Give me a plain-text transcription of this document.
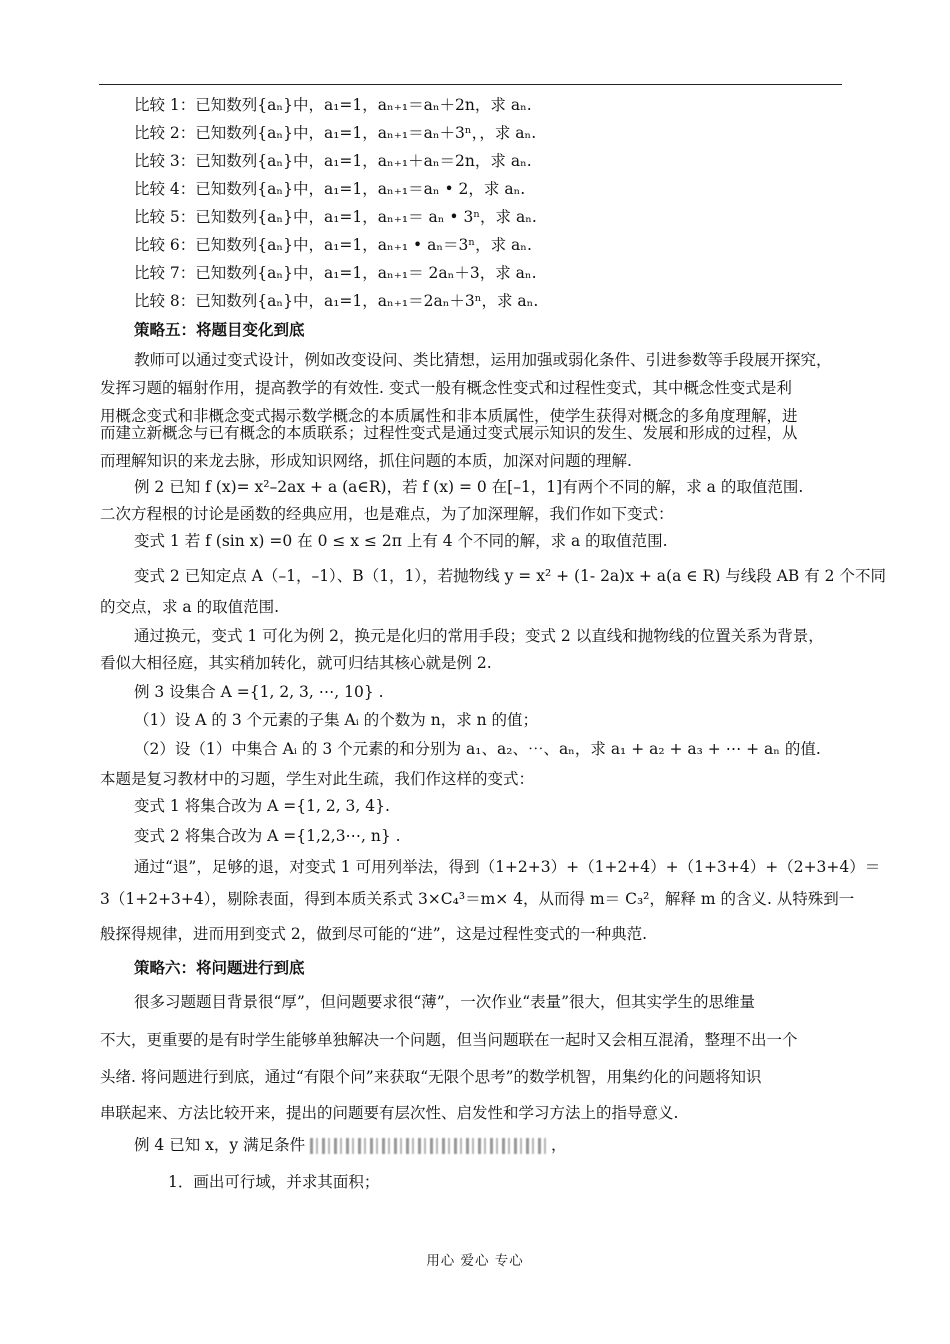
比较 1：已知数列{aₙ}中，a₁=1，aₙ₊₁＝aₙ＋2n，求 aₙ.
比较 2：已知数列{aₙ}中，a₁=1，aₙ₊₁＝aₙ＋3ⁿ，，求 aₙ.
比较 3：已知数列{aₙ}中，a₁=1，aₙ₊₁＋aₙ＝2n，求 aₙ.
比较 4：已知数列{aₙ}中，a₁=1，aₙ₊₁＝aₙ • 2，求 aₙ.
比较 5：已知数列{aₙ}中，a₁=1，aₙ₊₁＝ aₙ • 3ⁿ，求 aₙ.
比较 6：已知数列{aₙ}中，a₁=1，aₙ₊₁ • aₙ＝3ⁿ，求 aₙ.
比较 7：已知数列{aₙ}中，a₁=1，aₙ₊₁＝ 2aₙ＋3，求 aₙ.
比较 8：已知数列{aₙ}中，a₁=1，aₙ₊₁＝2aₙ＋3ⁿ，求 aₙ.
策略五：将题目变化到底
教师可以通过变式设计，例如改变设问、类比猜想，运用加强或弱化条件、引进参数等手段展开探究，
发挥习题的辐射作用，提高教学的有效性. 变式一般有概念性变式和过程性变式，其中概念性变式是利
用概念变式和非概念变式揭示数学概念的本质属性和非本质属性，使学生获得对概念的多角度理解，进
而建立新概念与已有概念的本质联系；过程性变式是通过变式展示知识的发生、发展和形成的过程，从
而理解知识的来龙去脉，形成知识网络，抓住问题的本质，加深对问题的理解.
例 2 已知 f (x)= x²–2ax + a (a∈R)，若 f (x) = 0 在[–1，1]有两个不同的解，求 a 的取值范围.
二次方程根的讨论是函数的经典应用，也是难点，为了加深理解，我们作如下变式：
变式 1 若 f (sin x) =0 在 0 ≤ x ≤ 2π 上有 4 个不同的解，求 a 的取值范围.
变式 2 已知定点 A（–1，–1）、B（1，1），若抛物线 y = x² + (1- 2a)x + a(a ∈ R) 与线段 AB 有 2 个不同
的交点，求 a 的取值范围.
通过换元，变式 1 可化为例 2，换元是化归的常用手段；变式 2 以直线和抛物线的位置关系为背景，
看似大相径庭，其实稍加转化，就可归结其核心就是例 2.
例 3 设集合 A ={1, 2, 3, ⋯, 10} .
（1）设 A 的 3 个元素的子集 Aᵢ 的个数为 n，求 n 的值；
（2）设（1）中集合 Aᵢ 的 3 个元素的和分别为 a₁、a₂、⋯、aₙ，求 a₁ + a₂ + a₃ + ⋯ + aₙ 的值.
本题是复习教材中的习题，学生对此生疏，我们作这样的变式：
变式 1 将集合改为 A ={1, 2, 3, 4}.
变式 2 将集合改为 A ={1,2,3⋯, n} .
通过“退”，足够的退，对变式 1 可用列举法，得到（1+2+3）+（1+2+4）+（1+3+4）+（2+3+4）＝
3（1+2+3+4），剔除表面，得到本质关系式 3×C₄³＝m× 4，从而得 m＝ C₃²，解释 m 的含义. 从特殊到一
般探得规律，进而用到变式 2，做到尽可能的“进”，这是过程性变式的一种典范.
策略六：将问题进行到底
很多习题题目背景很“厚”，但问题要求很“薄”，一次作业“表量”很大，但其实学生的思维量
不大，更重要的是有时学生能够单独解决一个问题，但当问题联在一起时又会相互混淆，整理不出一个
头绪. 将问题进行到底，通过“有限个问”来获取“无限个思考”的数学机智，用集约化的问题将知识
串联起来、方法比较开来，提出的问题要有层次性、启发性和学习方法上的指导意义.
例 4 已知 x，y 满足条件	，
1．画出可行域，并求其面积；
用心 爱心 专心
